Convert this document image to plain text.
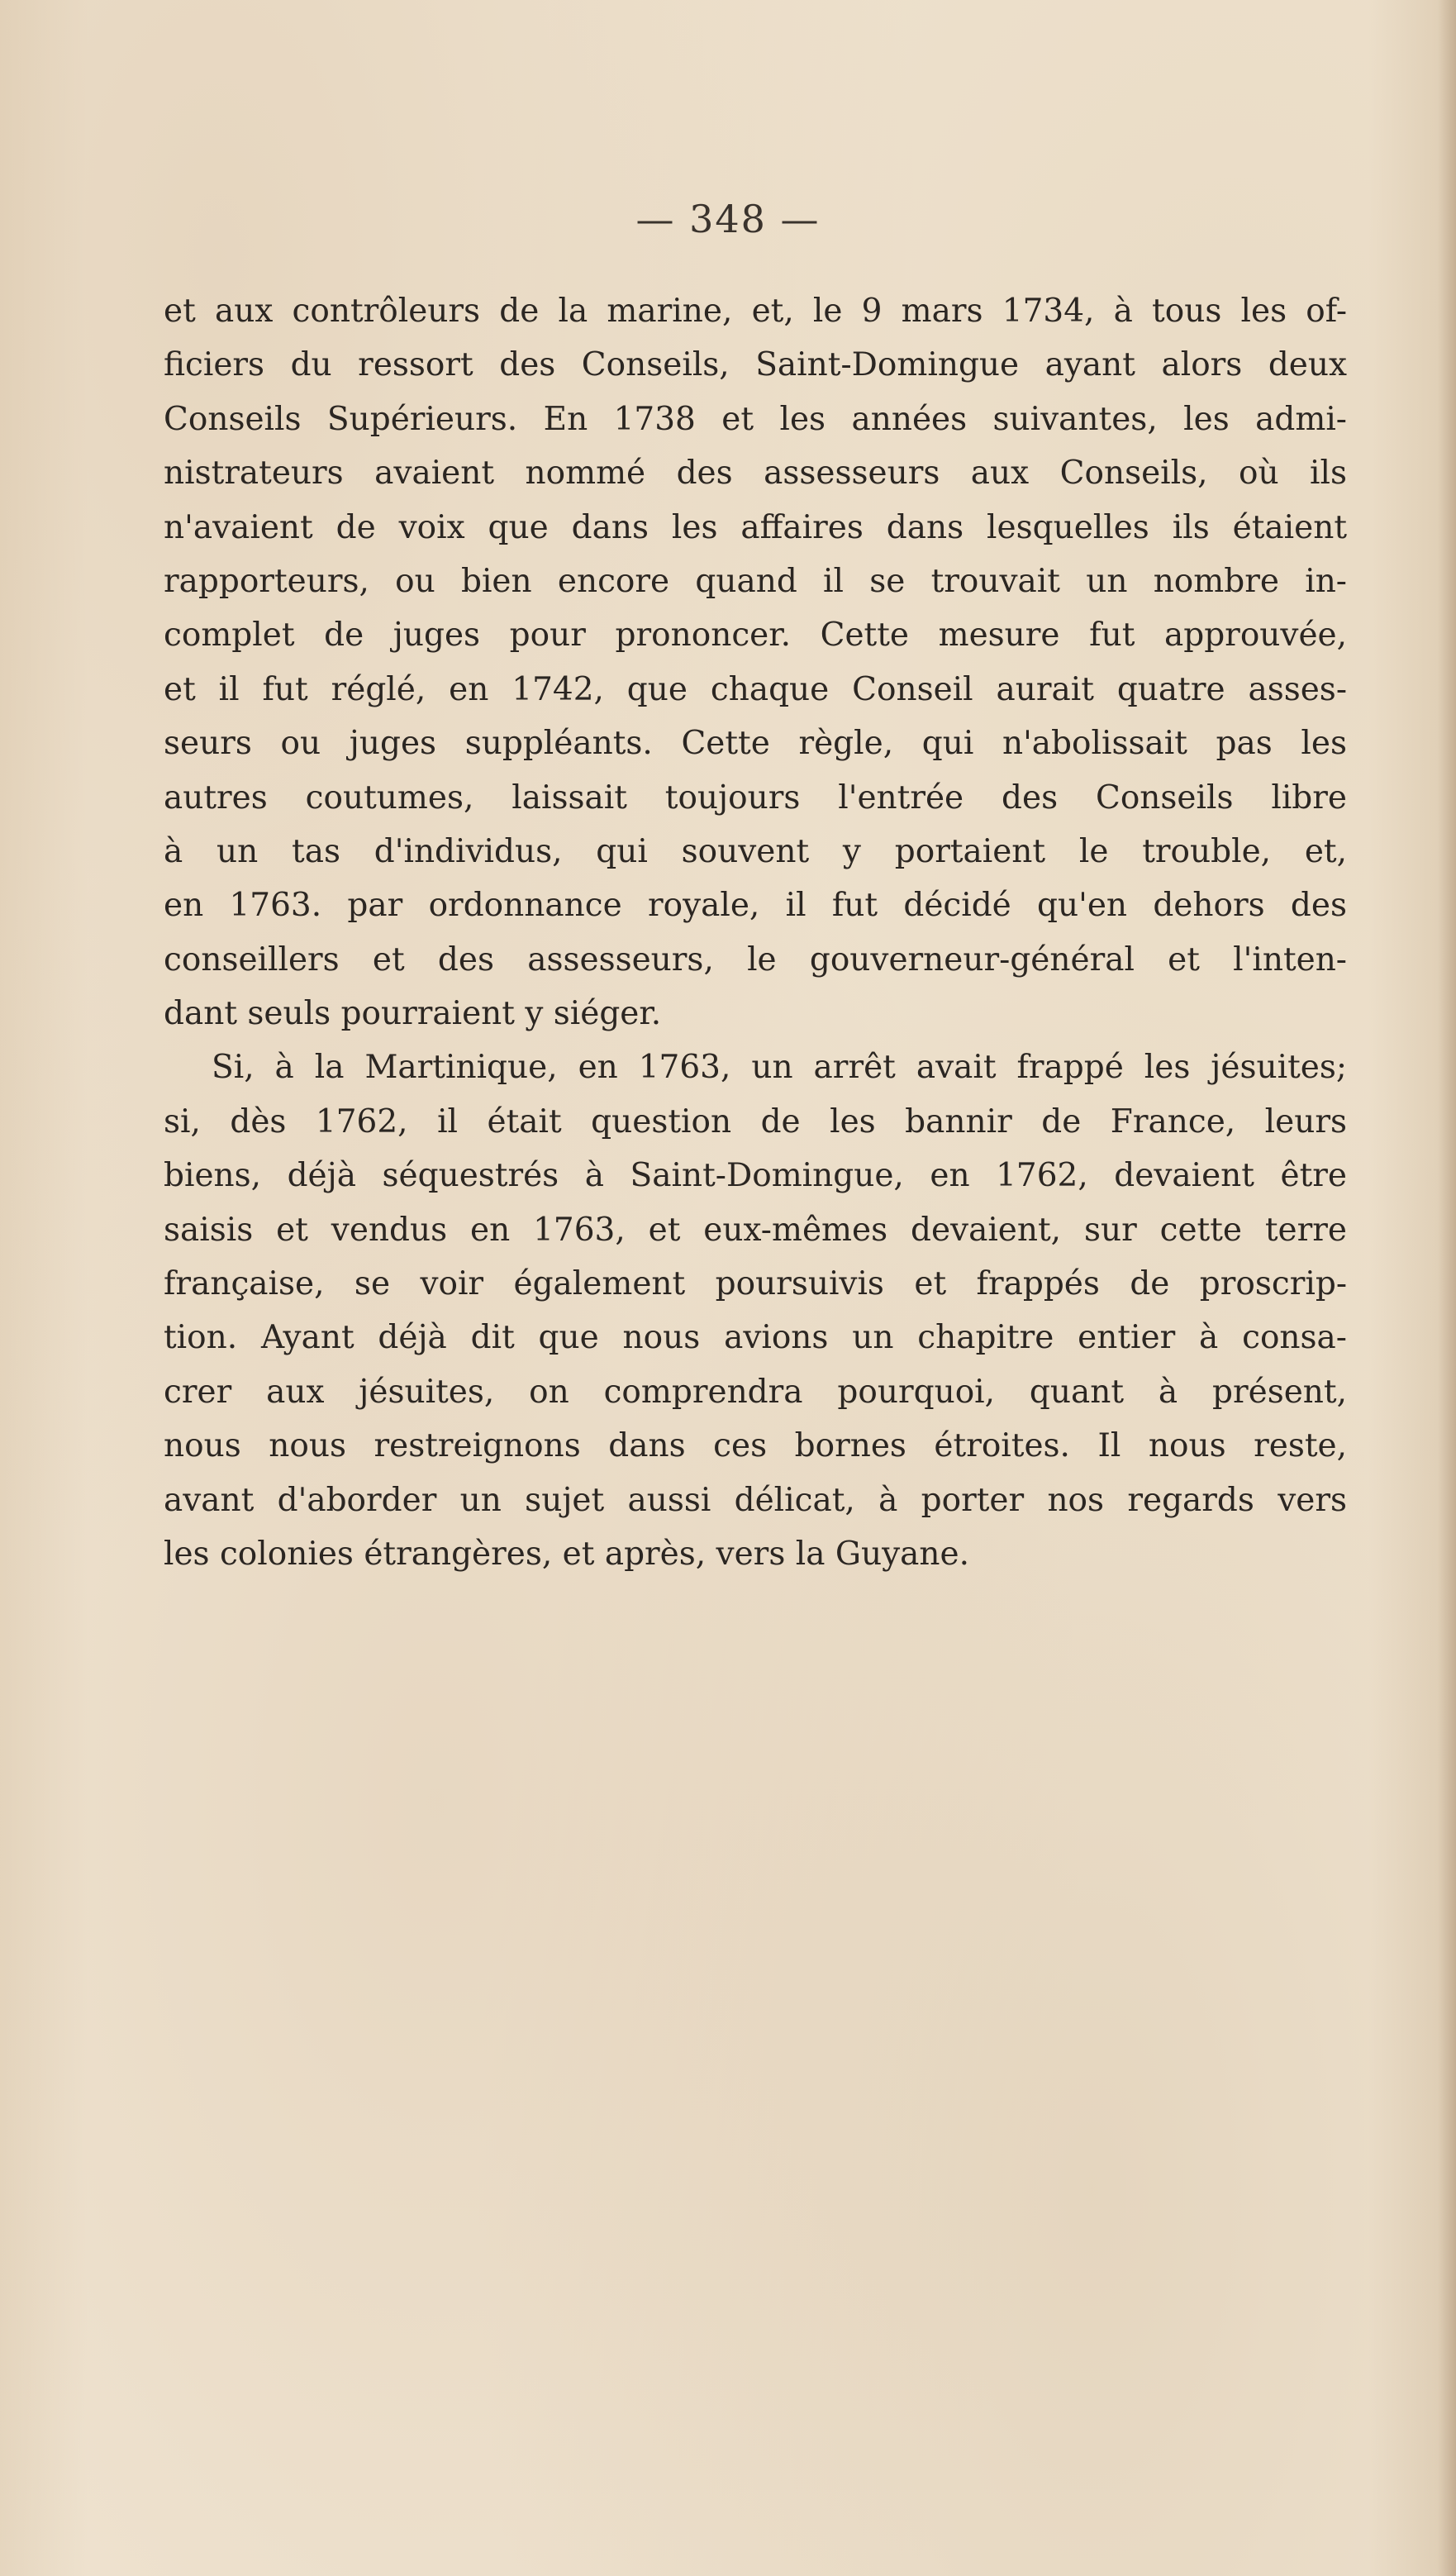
— 348 —
et aux contrôleurs de la marine, et, le 9 mars 1734, à tous les of-
ficiers du ressort des Conseils, Saint-Domingue ayant alors deux
Conseils Supérieurs. En 1738 et les années suivantes, les admi-
nistrateurs avaient nommé des assesseurs aux Conseils, où ils
n'avaient de voix que dans les affaires dans lesquelles ils étaient
rapporteurs, ou bien encore quand il se trouvait un nombre in-
complet de juges pour prononcer. Cette mesure fut approuvée,
et il fut réglé, en 1742, que chaque Conseil aurait quatre asses-
seurs ou juges suppléants. Cette règle, qui n'abolissait pas les
autres coutumes, laissait toujours l'entrée des Conseils libre
à un tas d'individus, qui souvent y portaient le trouble, et,
en 1763. par ordonnance royale, il fut décidé qu'en dehors des
conseillers et des assesseurs, le gouverneur-général et l'inten-
dant seuls pourraient y siéger.
Si, à la Martinique, en 1763, un arrêt avait frappé les jésuites;
si, dès 1762, il était question de les bannir de France, leurs
biens, déjà séquestrés à Saint-Domingue, en 1762, devaient être
saisis et vendus en 1763, et eux-mêmes devaient, sur cette terre
française, se voir également poursuivis et frappés de proscrip-
tion. Ayant déjà dit que nous avions un chapitre entier à consa-
crer aux jésuites, on comprendra pourquoi, quant à présent,
nous nous restreignons dans ces bornes étroites. Il nous reste,
avant d'aborder un sujet aussi délicat, à porter nos regards vers
les colonies étrangères, et après, vers la Guyane.
